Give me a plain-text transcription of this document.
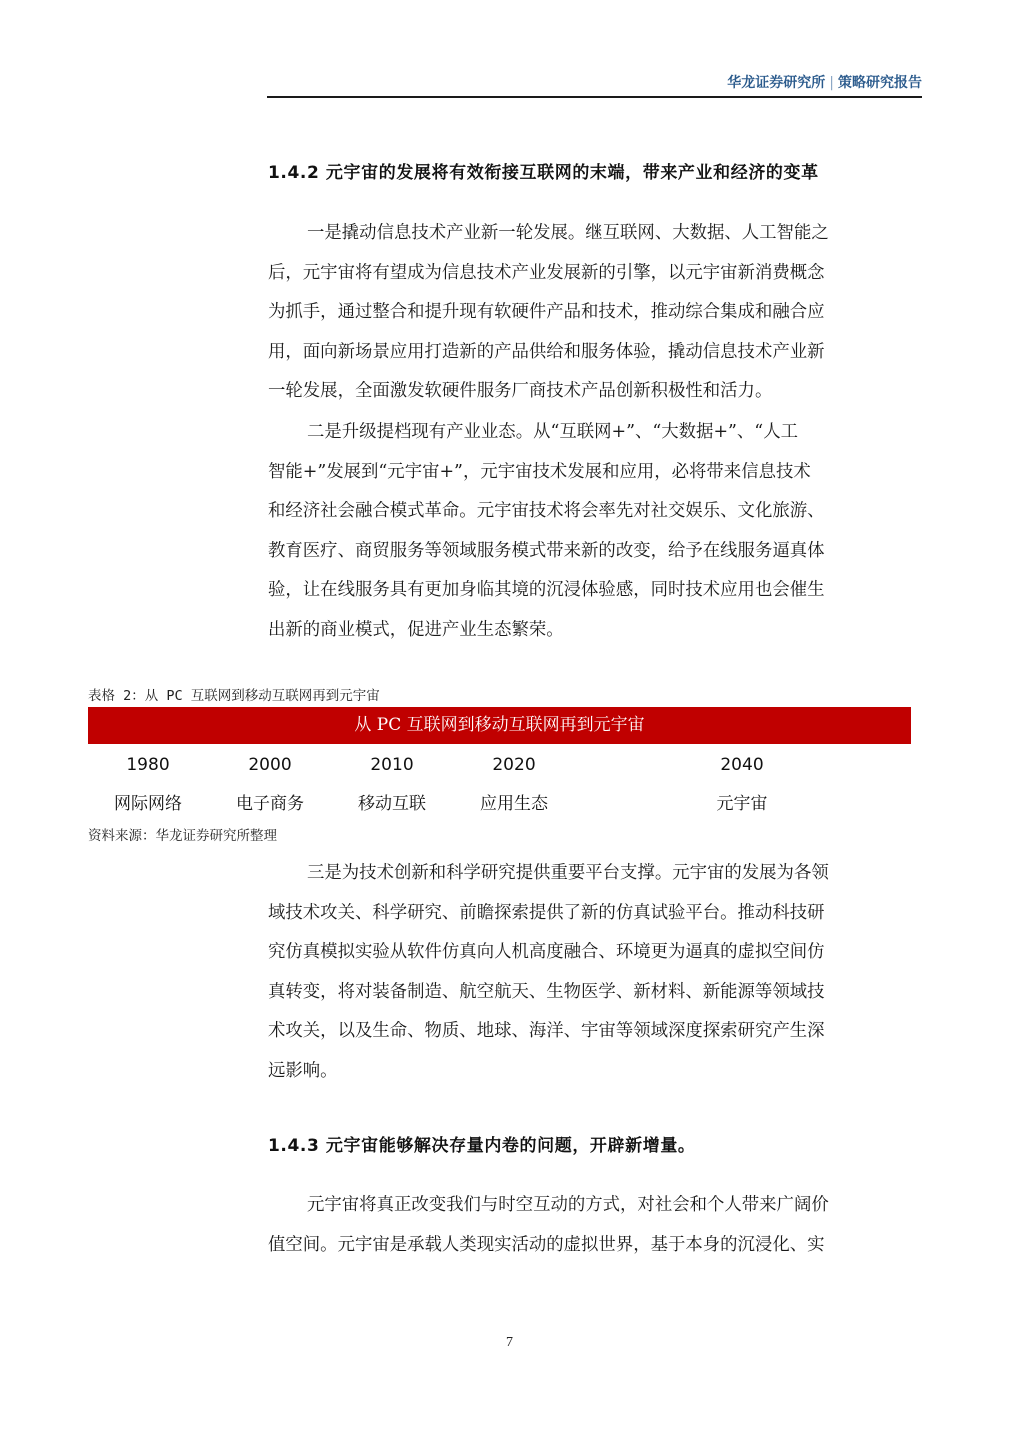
华龙证券研究所 | 策略研究报告
1.4.2 元宇宙的发展将有效衔接互联网的末端，带来产业和经济的变革
一是撬动信息技术产业新一轮发展。继互联网、大数据、人工智能之
后，元宇宙将有望成为信息技术产业发展新的引擎，以元宇宙新消费概念
为抓手，通过整合和提升现有软硬件产品和技术，推动综合集成和融合应
用，面向新场景应用打造新的产品供给和服务体验，撬动信息技术产业新
一轮发展，全面激发软硬件服务厂商技术产品创新积极性和活力。
二是升级提档现有产业业态。从“互联网+”、“大数据+”、“人工
智能+”发展到“元宇宙+”，元宇宙技术发展和应用，必将带来信息技术
和经济社会融合模式革命。元宇宙技术将会率先对社交娱乐、文化旅游、
教育医疗、商贸服务等领域服务模式带来新的改变，给予在线服务逼真体
验，让在线服务具有更加身临其境的沉浸体验感，同时技术应用也会催生
出新的商业模式，促进产业生态繁荣。
表格 2：从 PC 互联网到移动互联网再到元宇宙
从 PC 互联网到移动互联网再到元宇宙
1980
网际网络
2000
电子商务
2010
移动互联
2020
应用生态
2040
元宇宙
资料来源：华龙证券研究所整理
三是为技术创新和科学研究提供重要平台支撑。元宇宙的发展为各领
域技术攻关、科学研究、前瞻探索提供了新的仿真试验平台。推动科技研
究仿真模拟实验从软件仿真向人机高度融合、环境更为逼真的虚拟空间仿
真转变，将对装备制造、航空航天、生物医学、新材料、新能源等领域技
术攻关，以及生命、物质、地球、海洋、宇宙等领域深度探索研究产生深
远影响。
1.4.3 元宇宙能够解决存量内卷的问题，开辟新增量。
元宇宙将真正改变我们与时空互动的方式，对社会和个人带来广阔价
值空间。元宇宙是承载人类现实活动的虚拟世界，基于本身的沉浸化、实
7
